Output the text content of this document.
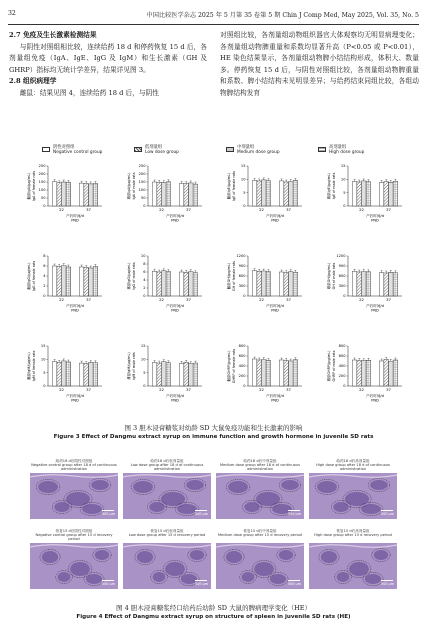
32	中国比较医学杂志 2025 年 5 月第 35 卷第 5 期 Chin J Comp Med, May 2025, Vol. 35, No. 5
2.7 免疫及生长激素检测结果

与阴性对照组相比较，连续给药 18 d 和停药恢复 15 d 后，各剂量组免疫（IgA、IgE、IgG 及 IgM）和生长激素（GH 及 GHRP）指标均无统计学差异，结果详见图 3。

2.8 组织病理学

雌鼠：结果见图 4，连续给药 18 d 后，与阴性

对照组比较，各剂量组动物组织器官大体观察均无明显病理变化；各剂量组动物脾重量和系数均显著升高（P<0.05 或 P<0.01），HE 染色结果显示，各剂量组动物脾小结结构形成，体积大、数量多。停药恢复 15 d 后，与阴性对照组比较，各剂量组动物脾重量和系数、脾小结结构未见明显差异；与给药结束同组比较，各组动物脾结构发育

阴性对照组
Negative control group
低剂量组
Low dose group
中剂量组
Medium dose group
高剂量组
High dose group
雌鼠IgA/(μg/mL) IgA of female rats
0
50
100
150
200
250
22	37
产后时间/d
PND
雄鼠IgA/(μg/mL) IgA of male rats
0
50
100
150
200
250
22	37
产后时间/d
PND
雌鼠IgE/(μg/mL) IgE of female rats
0
5
10
15
22	37
产后时间/d
PND
雄鼠IgE/(μg/mL) IgE of male rats
0
5
10
15
22	37
产后时间/d
PND
雌鼠IgG/(μg/mL) IgG of female rats
0
2
4
6
8
22	37
产后时间/d
PND
雄鼠IgG/(μg/mL) IgG of male rats
0
2
4
6
8
10
22	37
产后时间/d
PND
雌鼠GH/(pg/mL) GH of female rats
0
300
600
900
1200
22	37
产后时间/d
PND
雄鼠GH/(pg/mL) GH of male rats
0
300
600
900
1200
22	37
产后时间/d
PND
雌鼠IgM/(μg/mL) IgM of female rats
0
5
10
15
22	37
产后时间/d
PND
雄鼠IgM/(μg/mL) IgM of male rats
0
5
10
15
22	37
产后时间/d
PND
雌鼠GHRP/(pg/mL) GHRP of female rats
0
200
400
600
800
22	37
产后时间/d
PND
雄鼠GHRP/(pg/mL) GHRP of male rats
0
200
400
600
800
22	37
产后时间/d
PND
图 3 胆木浸膏糖浆对幼龄 SD 大鼠免疫功能和生长激素的影响
Figure 3 Effect of Dangmu extract syrup on immune function and growth hormone in juvenile SD rats
给药18 d后阴性对照组
Negative control group after 18 d of continuous administration
500 μm
给药18 d后低剂量组
Low dose group after 18 d of continuous administration
500 μm
给药18 d后中剂量组
Medium dose group after 18 d of continuous administration
500 μm
给药18 d后高剂量组
High dose group after 18 d of continuous administration
500 μm
恢复15 d后阴性对照组
Negative control group after 15 d recovery period
500 μm
恢复15 d后低剂量组
Low dose group after 15 d recovery period
500 μm
恢复15 d后中剂量组
Medium dose group after 15 d recovery period
500 μm
恢复15 d后高剂量组
High dose group after 15 d recovery period
500 μm
图 4 胆木浸膏糖浆经口给药后幼龄 SD 大鼠的脾病理学变化（HE）
Figure 4 Effect of Dangmu extract syrup on structure of spleen in juvenile SD rats (HE)
